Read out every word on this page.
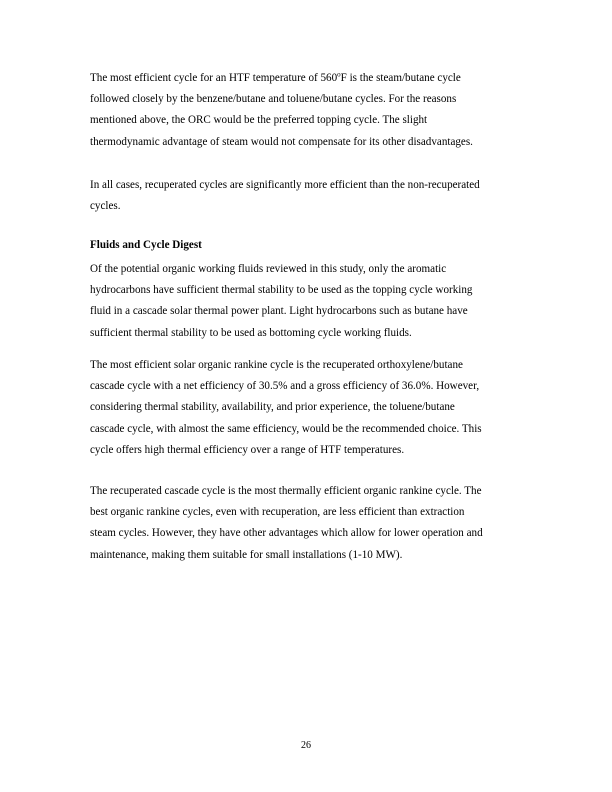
The most efficient cycle for an HTF temperature of 560$^o$F is the steam/butane cycle
followed closely by the benzene/butane and toluene/butane cycles. For the reasons
mentioned above, the ORC would be the preferred topping cycle. The slight
thermodynamic advantage of steam would not compensate for its other disadvantages.

In all cases, recuperated cycles are significantly more efficient than the non-recuperated
cycles.

Fluids and Cycle Digest

Of the potential organic working fluids reviewed in this study, only the aromatic
hydrocarbons have sufficient thermal stability to be used as the topping cycle working
fluid in a cascade solar thermal power plant. Light hydrocarbons such as butane have
sufficient thermal stability to be used as bottoming cycle working fluids.

The most efficient solar organic rankine cycle is the recuperated orthoxylene/butane
cascade cycle with a net efficiency of 30.5% and a gross efficiency of 36.0%. However,
considering thermal stability, availability, and prior experience, the toluene/butane
cascade cycle, with almost the same efficiency, would be the recommended choice. This
cycle offers high thermal efficiency over a range of HTF temperatures.

The recuperated cascade cycle is the most thermally efficient organic rankine cycle. The
best organic rankine cycles, even with recuperation, are less efficient than extraction
steam cycles. However, they have other advantages which allow for lower operation and
maintenance, making them suitable for small installations (1-10 MW).

26
